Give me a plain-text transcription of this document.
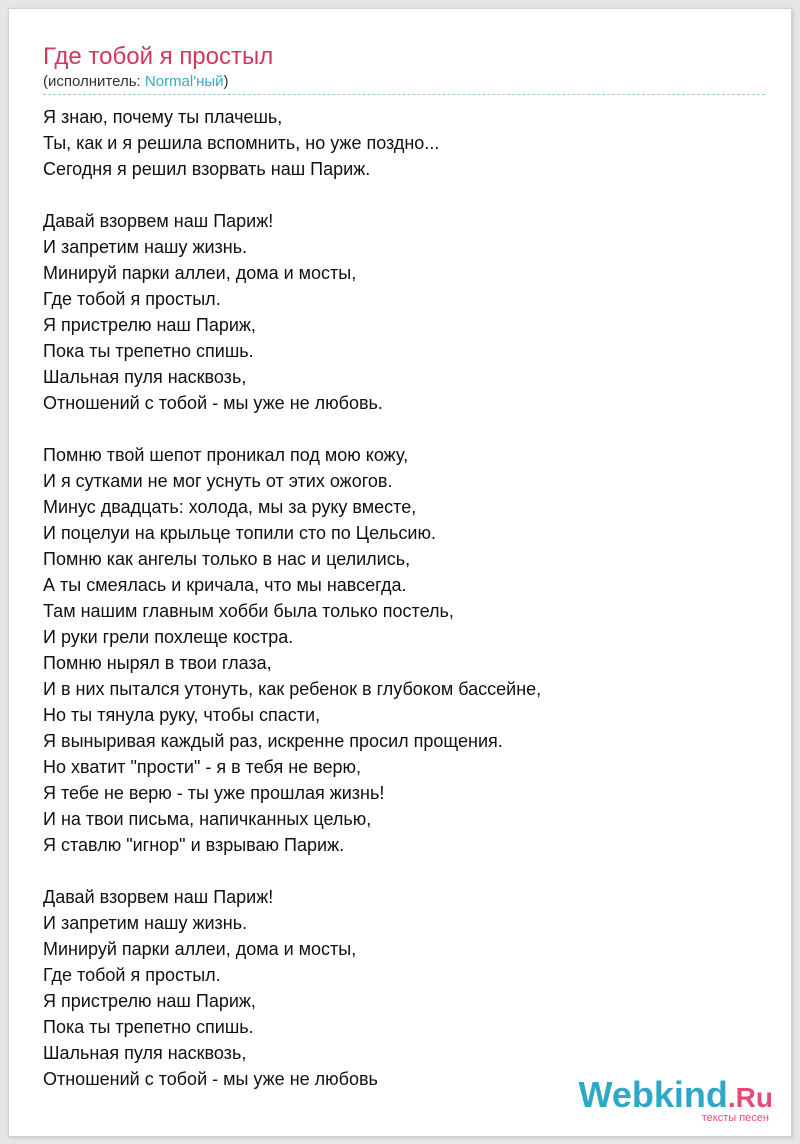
Где тобой я простыл
(исполнитель: Normal'ный)
Я знаю, почему ты плачешь,
Ты, как и я решила вспомнить, но уже поздно...
Сегодня я решил взорвать наш Париж.
Давай взорвем наш Париж!
И запретим нашу жизнь.
Минируй парки аллеи, дома и мосты,
Где тобой я простыл.
Я пристрелю наш Париж,
Пока ты трепетно спишь.
Шальная пуля насквозь,
Отношений с тобой - мы уже не любовь.
Помню твой шепот проникал под мою кожу,
И я сутками не мог уснуть от этих ожогов.
Минус двадцать: холода, мы за руку вместе,
И поцелуи на крыльце топили сто по Цельсию.
Помню как ангелы только в нас и целились,
А ты смеялась и кричала, что мы навсегда.
Там нашим главным хобби была только постель,
И руки грели похлеще костра.
Помню нырял в твои глаза,
И в них пытался утонуть, как ребенок в глубоком бассейне,
Но ты тянула руку, чтобы спасти,
Я выныривая каждый раз, искренне просил прощения.
Но хватит "прости" - я в тебя не верю,
Я тебе не верю - ты уже прошлая жизнь!
И на твои письма, напичканных целью,
Я ставлю "игнор" и взрываю Париж.
Давай взорвем наш Париж!
И запретим нашу жизнь.
Минируй парки аллеи, дома и мосты,
Где тобой я простыл.
Я пристрелю наш Париж,
Пока ты трепетно спишь.
Шальная пуля насквозь,
Отношений с тобой - мы уже не любовь	Webkind.Ru
тексты песен
